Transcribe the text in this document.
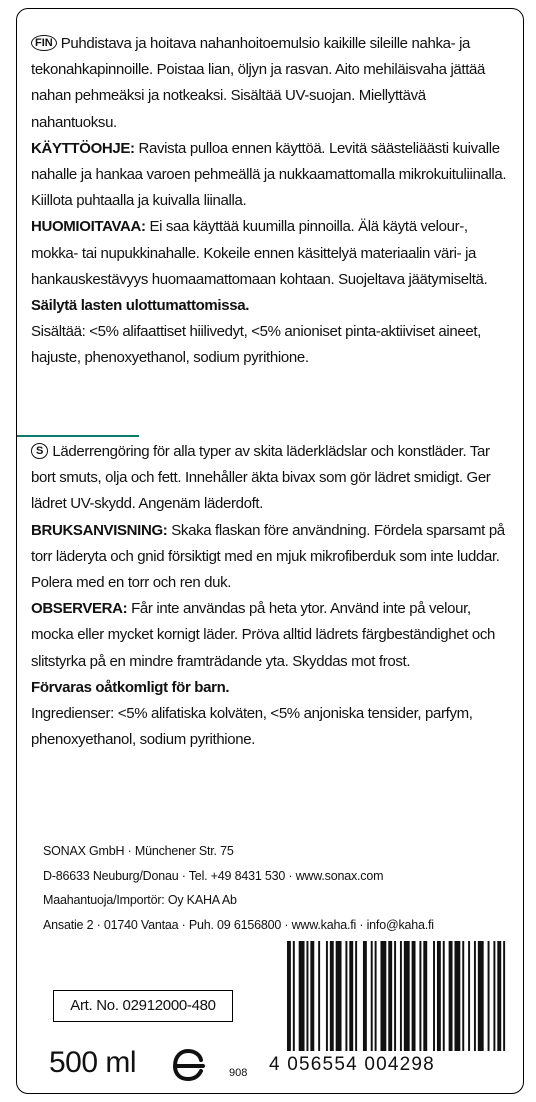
FIN Puhdistava ja hoitava nahanhoitoemulsio kaikille sileille nahka- ja tekonahkapinnoille. Poistaa lian, öljyn ja rasvan. Aito mehiläisvaha jättää nahan pehmeäksi ja notkeaksi. Sisältää UV-suojan. Miellyttävä nahantuoksu.

KÄYTTÖOHJE: Ravista pulloa ennen käyttöä. Levitä säästeliäästi kuivalle nahalle ja hankaa varoen pehmeällä ja nukkaamattomalla mikrokuituliinalla. Kiillota puhtaalla ja kuivalla liinalla.

HUOMIOITAVAA: Ei saa käyttää kuumilla pinnoilla. Älä käytä velour-, mokka- tai nupukkinahalle. Kokeile ennen käsittelyä materiaalin väri- ja hankauskestävyys huomaamattomaan kohtaan. Suojeltava jäätymiseltä.

Säilytä lasten ulottumattomissa.

Sisältää: <5% alifaattiset hiilivedyt, <5% anioniset pinta-aktiiviset aineet, hajuste, phenoxyethanol, sodium pyrithione.

S Läderrengöring för alla typer av skita läderklädslar och konstläder. Tar bort smuts, olja och fett. Innehåller äkta bivax som gör lädret smidigt. Ger lädret UV-skydd. Angenäm läderdoft.

BRUKSANVISNING: Skaka flaskan före användning. Fördela sparsamt på torr läderyta och gnid försiktigt med en mjuk mikrofiberduk som inte luddar. Polera med en torr och ren duk.

OBSERVERA: Får inte användas på heta ytor. Använd inte på velour, mocka eller mycket kornigt läder. Pröva alltid lädrets färgbeständighet och slitstyrka på en mindre framträdande yta. Skyddas mot frost.

Förvaras oåtkomligt för barn.

Ingredienser: <5% alifatiska kolväten, <5% anjoniska tensider, parfym, phenoxyethanol, sodium pyrithione.

SONAX GmbH · Münchener Str. 75

D-86633 Neuburg/Donau · Tel. +49 8431 530 · www.sonax.com

Maahantuoja/Importör: Oy KAHA Ab

Ansatie 2 · 01740 Vantaa · Puh. 09 6156800 · www.kaha.fi · info@kaha.fi

Art. No. 02912000-480
500 ml	908 4 056554 004298
